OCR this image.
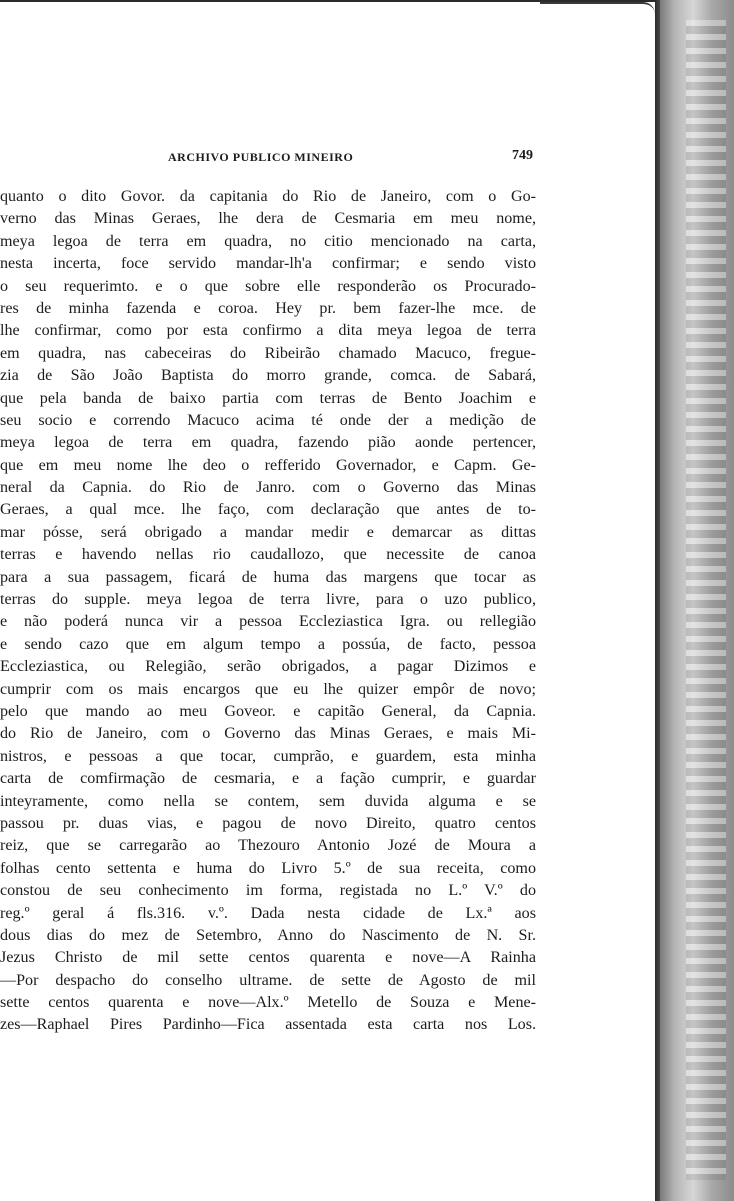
ARCHIVO PUBLICO MINEIRO	749
quanto o dito Govor. da capitania do Rio de Janeiro, com o Go-
verno das Minas Geraes, lhe dera de Cesmaria em meu nome,
meya legoa de terra em quadra, no citio mencionado na carta,
nesta incerta, foce servido mandar-lh'a confirmar; e sendo visto
o seu requerimto. e o que sobre elle responderão os Procurado-
res de minha fazenda e coroa. Hey pr. bem fazer-lhe mce. de
lhe confirmar, como por esta confirmo a dita meya legoa de terra
em quadra, nas cabeceiras do Ribeirão chamado Macuco, fregue-
zia de São João Baptista do morro grande, comca. de Sabará,
que pela banda de baixo partia com terras de Bento Joachim e
seu socio e correndo Macuco acima té onde der a medição de
meya legoa de terra em quadra, fazendo pião aonde pertencer,
que em meu nome lhe deo o refferido Governador, e Capm. Ge-
neral da Capnia. do Rio de Janro. com o Governo das Minas
Geraes, a qual mce. lhe faço, com declaração que antes de to-
mar pósse, será obrigado a mandar medir e demarcar as dittas
terras e havendo nellas rio caudallozo, que necessite de canoa
para a sua passagem, ficará de huma das margens que tocar as
terras do supple. meya legoa de terra livre, para o uzo publico,
e não poderá nunca vir a pessoa Eccleziastica Igra. ou rellegião
e sendo cazo que em algum tempo a possúa, de facto, pessoa
Eccleziastica, ou Relegião, serão obrigados, a pagar Dizimos e
cumprir com os mais encargos que eu lhe quizer empôr de novo;
pelo que mando ao meu Goveor. e capitão General, da Capnia.
do Rio de Janeiro, com o Governo das Minas Geraes, e mais Mi-
nistros, e pessoas a que tocar, cumprão, e guardem, esta minha
carta de comfirmação de cesmaria, e a fação cumprir, e guardar
inteyramente, como nella se contem, sem duvida alguma e se
passou pr. duas vias, e pagou de novo Direito, quatro centos
reiz, que se carregarão ao Thezouro Antonio Jozé de Moura a
folhas cento settenta e huma do Livro 5.º de sua receita, como
constou de seu conhecimento im forma, registada no L.º V.º do
reg.º geral á fls.316. v.º. Dada nesta cidade de Lx.ª aos
dous dias do mez de Setembro, Anno do Nascimento de N. Sr.
Jezus Christo de mil sette centos quarenta e nove—A Rainha
—Por despacho do conselho ultrame. de sette de Agosto de mil
sette centos quarenta e nove—Alx.º Metello de Souza e Mene-
zes—Raphael Pires Pardinho—Fica assentada esta carta nos Los.
